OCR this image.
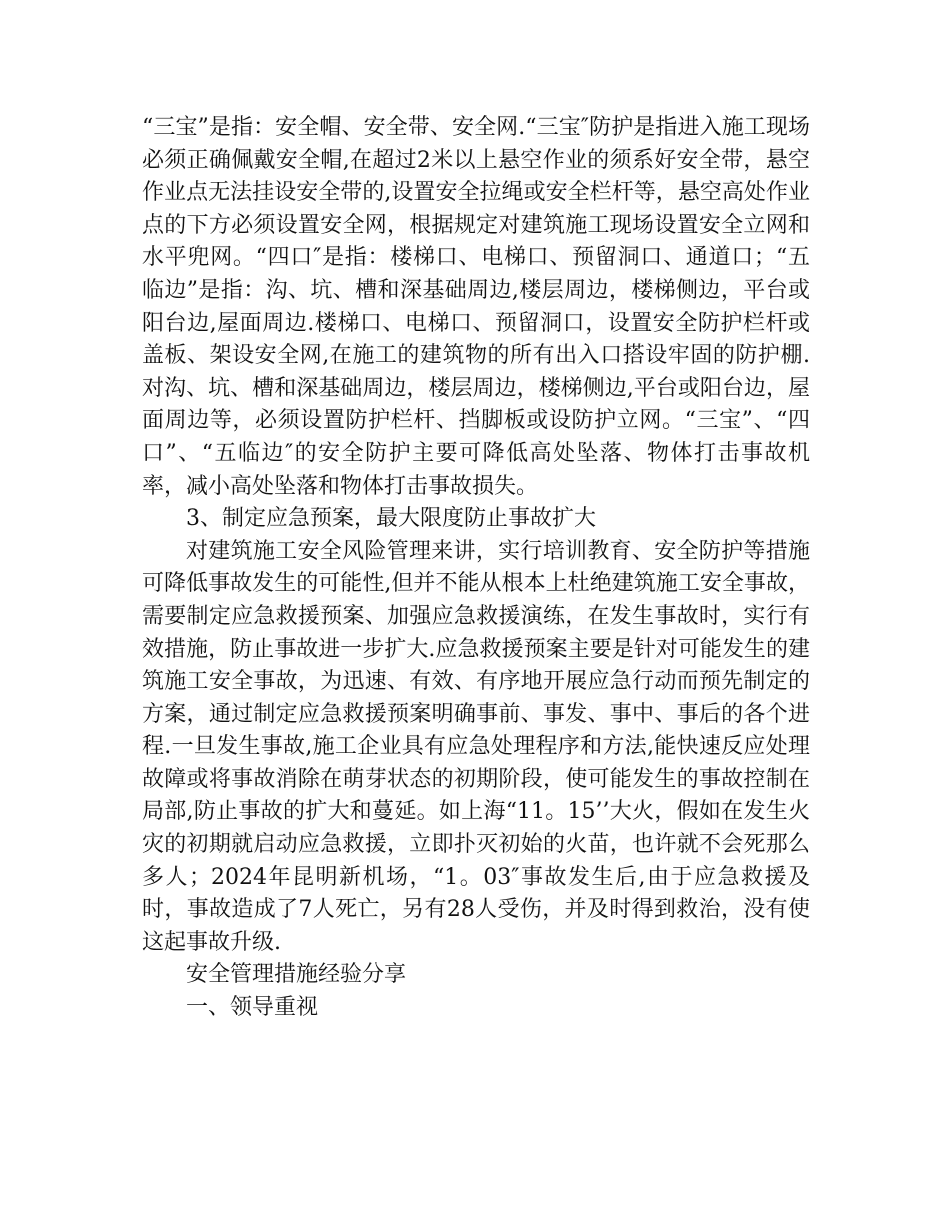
“三宝”是指：安全帽、安全带、安全网.“三宝″防护是指进入施工现场必须正确佩戴安全帽,在超过2米以上悬空作业的须系好安全带，悬空作业点无法挂设安全带的,设置安全拉绳或安全栏杆等，悬空高处作业点的下方必须设置安全网，根据规定对建筑施工现场设置安全立网和水平兜网。“四口″是指：楼梯口、电梯口、预留洞口、通道口；“五临边”是指：沟、坑、槽和深基础周边,楼层周边，楼梯侧边，平台或阳台边,屋面周边.楼梯口、电梯口、预留洞口，设置安全防护栏杆或盖板、架设安全网,在施工的建筑物的所有出入口搭设牢固的防护棚.对沟、坑、槽和深基础周边，楼层周边，楼梯侧边,平台或阳台边，屋面周边等，必须设置防护栏杆、挡脚板或设防护立网。“三宝”、“四口”、“五临边″的安全防护主要可降低高处坠落、物体打击事故机率，减小高处坠落和物体打击事故损失。

3、制定应急预案，最大限度防止事故扩大

对建筑施工安全风险管理来讲，实行培训教育、安全防护等措施可降低事故发生的可能性,但并不能从根本上杜绝建筑施工安全事故，需要制定应急救援预案、加强应急救援演练，在发生事故时，实行有效措施，防止事故进一步扩大.应急救援预案主要是针对可能发生的建筑施工安全事故，为迅速、有效、有序地开展应急行动而预先制定的方案，通过制定应急救援预案明确事前、事发、事中、事后的各个进程.一旦发生事故,施工企业具有应急处理程序和方法,能快速反应处理故障或将事故消除在萌芽状态的初期阶段，使可能发生的事故控制在局部,防止事故的扩大和蔓延。如上海“11。15’’大火，假如在发生火灾的初期就启动应急救援，立即扑灭初始的火苗，也许就不会死那么多人；2024年昆明新机场，“1。03″事故发生后,由于应急救援及时，事故造成了7人死亡，另有28人受伤，并及时得到救治，没有使这起事故升级.

安全管理措施经验分享

一、领导重视
